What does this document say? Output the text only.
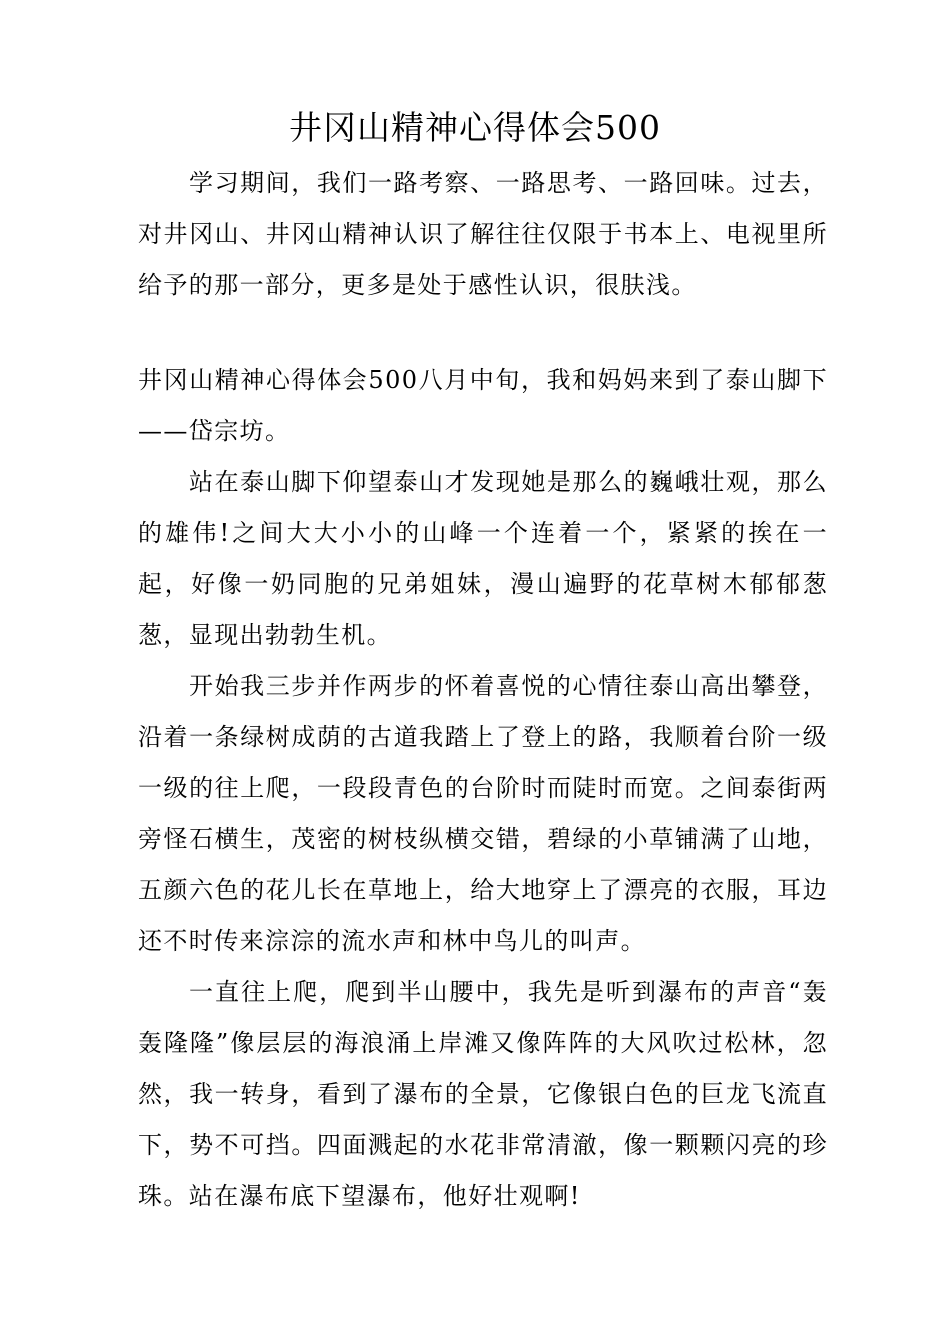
井冈山精神心得体会500

学习期间，我们一路考察、一路思考、一路回味。过去，对井冈山、井冈山精神认识了解往往仅限于书本上、电视里所给予的那一部分，更多是处于感性认识，很肤浅。

井冈山精神心得体会500八月中旬，我和妈妈来到了泰山脚下——岱宗坊。

站在泰山脚下仰望泰山才发现她是那么的巍峨壮观，那么的雄伟!之间大大小小的山峰一个连着一个，紧紧的挨在一起，好像一奶同胞的兄弟姐妹，漫山遍野的花草树木郁郁葱葱，显现出勃勃生机。

开始我三步并作两步的怀着喜悦的心情往泰山高出攀登，沿着一条绿树成荫的古道我踏上了登上的路，我顺着台阶一级一级的往上爬，一段段青色的台阶时而陡时而宽。之间泰街两旁怪石横生，茂密的树枝纵横交错，碧绿的小草铺满了山地，五颜六色的花儿长在草地上，给大地穿上了漂亮的衣服，耳边还不时传来淙淙的流水声和林中鸟儿的叫声。

一直往上爬，爬到半山腰中，我先是听到瀑布的声音“轰轰隆隆”像层层的海浪涌上岸滩又像阵阵的大风吹过松林，忽然，我一转身，看到了瀑布的全景，它像银白色的巨龙飞流直下，势不可挡。四面溅起的水花非常清澈，像一颗颗闪亮的珍珠。站在瀑布底下望瀑布，他好壮观啊!
